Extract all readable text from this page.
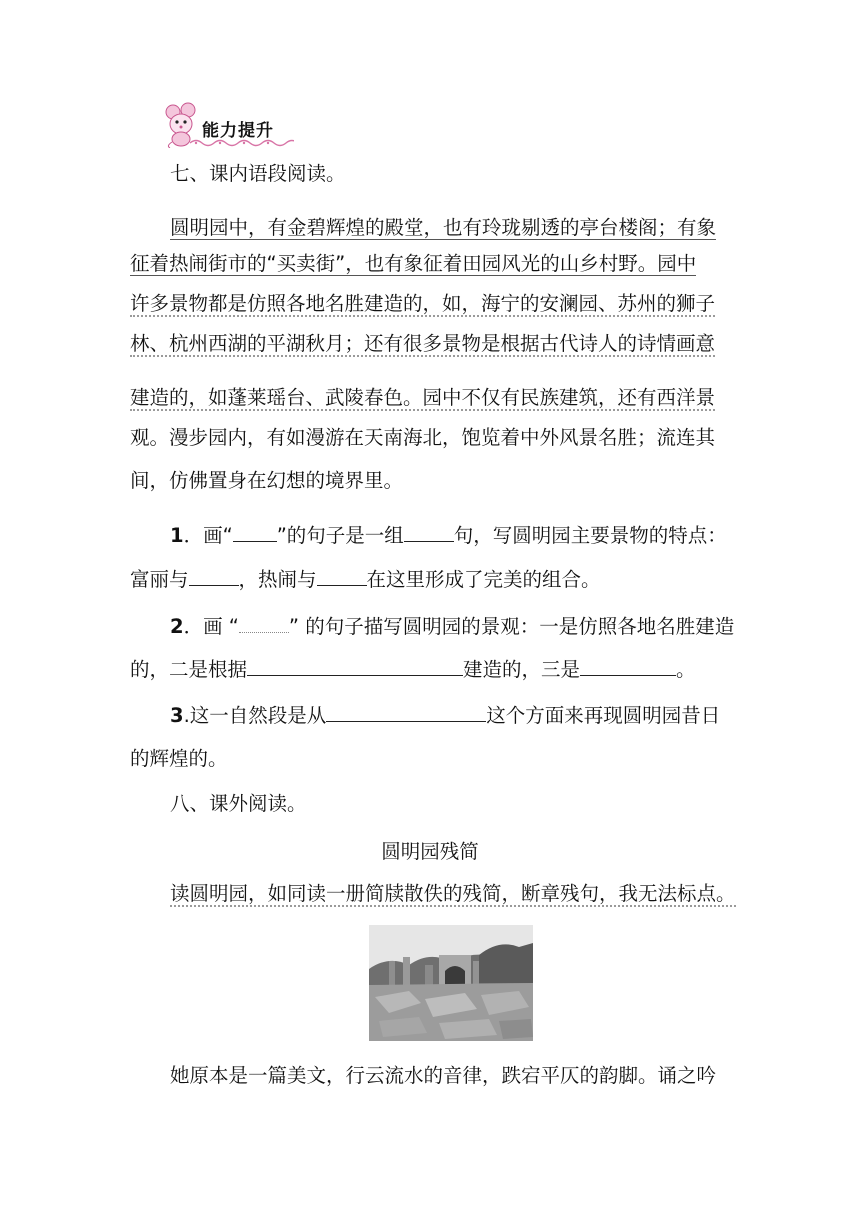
能力提升
七、课内语段阅读。
圆明园中，有金碧辉煌的殿堂，也有玲珑剔透的亭台楼阁；有象
征着热闹街市的“买卖街”，也有象征着田园风光的山乡村野。园中
许多景物都是仿照各地名胜建造的，如，海宁的安澜园、苏州的狮子
林、杭州西湖的平湖秋月；还有很多景物是根据古代诗人的诗情画意
建造的，如蓬莱瑶台、武陵春色。园中不仅有民族建筑，还有西洋景
观。漫步园内，有如漫游在天南海北，饱览着中外风景名胜；流连其
间，仿佛置身在幻想的境界里。
1．画“ ”的句子是一组	句，写圆明园主要景物的特点：
富丽与	，热闹与	在这里形成了完美的组合。
2．画 “	” 的句子描写圆明园的景观：一是仿照各地名胜建造
的，二是根据	建造的，三是	。
3.这一自然段是从	这个方面来再现圆明园昔日
的辉煌的。
八、课外阅读。
圆明园残简
读圆明园，如同读一册简牍散佚的残简，断章残句，我无法标点。
她原本是一篇美文，行云流水的音律，跌宕平仄的韵脚。诵之吟
